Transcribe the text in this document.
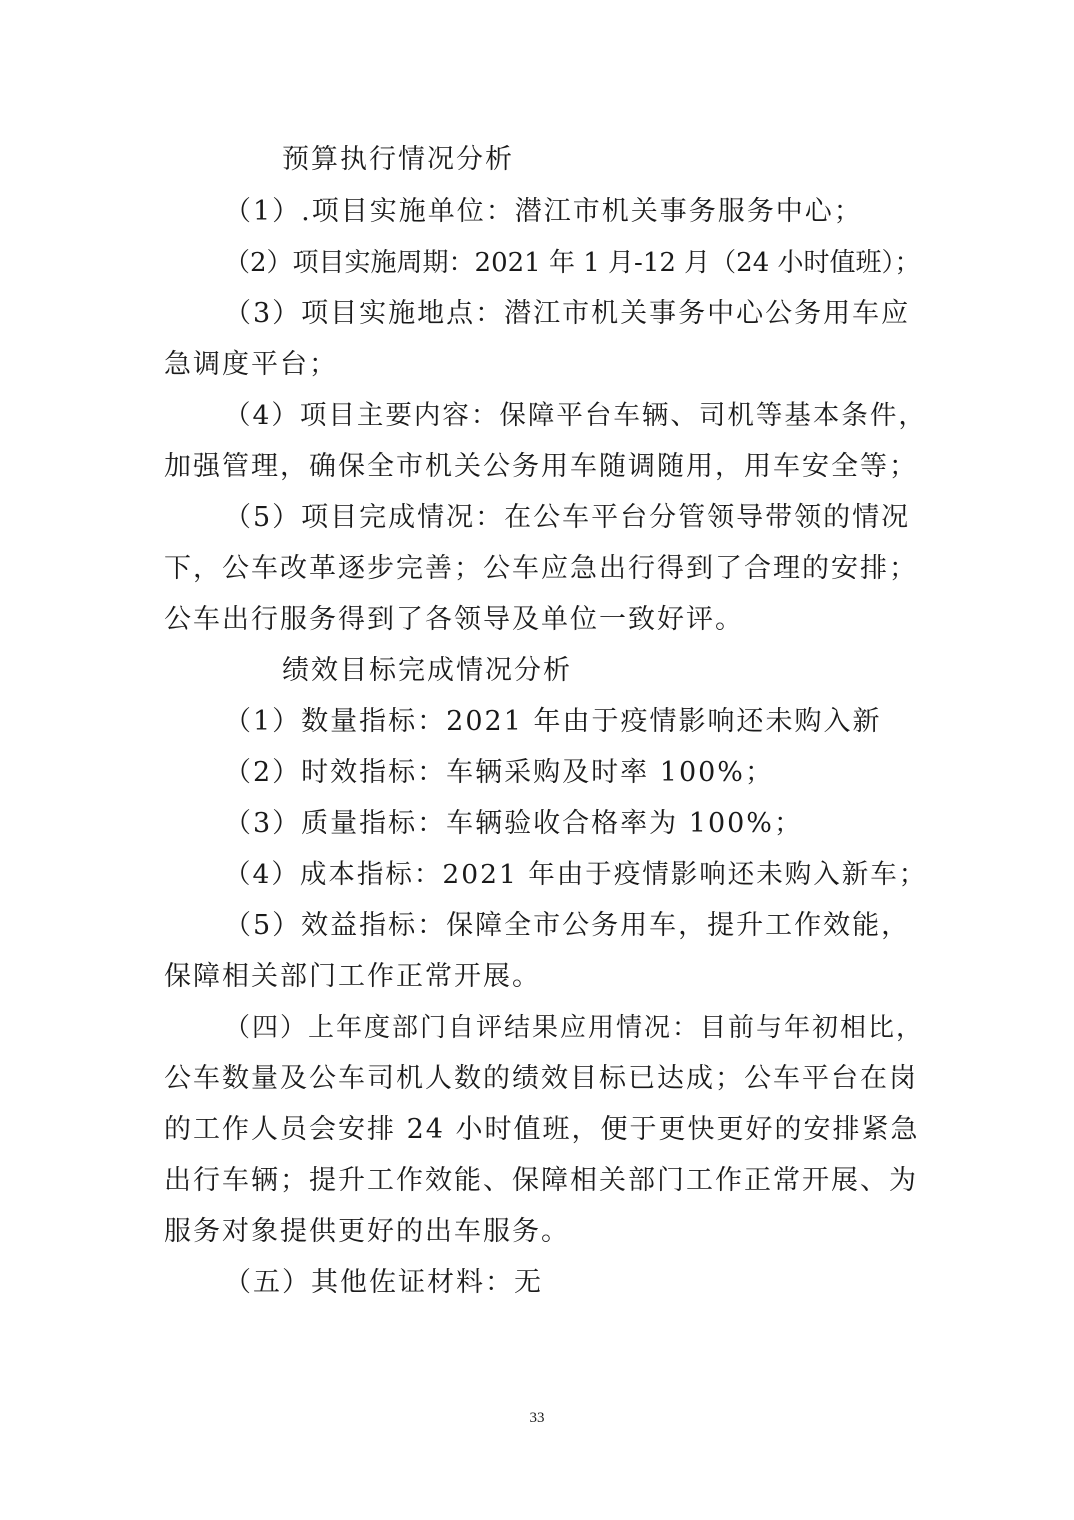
预算执行情况分析
（1）.项目实施单位：潜江市机关事务服务中心；
（2）项目实施周期：2021 年 1 月-12 月（24 小时值班）；
（3）项目实施地点：潜江市机关事务中心公务用车应
急调度平台；
（4）项目主要内容：保障平台车辆、司机等基本条件，
加强管理，确保全市机关公务用车随调随用，用车安全等；
（5）项目完成情况：在公车平台分管领导带领的情况
下，公车改革逐步完善；公车应急出行得到了合理的安排；
公车出行服务得到了各领导及单位一致好评。
绩效目标完成情况分析
（1）数量指标：2021 年由于疫情影响还未购入新
（2）时效指标：车辆采购及时率 100%；
（3）质量指标：车辆验收合格率为 100%；
（4）成本指标：2021 年由于疫情影响还未购入新车；
（5）效益指标：保障全市公务用车，提升工作效能，
保障相关部门工作正常开展。
（四）上年度部门自评结果应用情况：目前与年初相比，
公车数量及公车司机人数的绩效目标已达成；公车平台在岗
的工作人员会安排 24 小时值班，便于更快更好的安排紧急
出行车辆；提升工作效能、保障相关部门工作正常开展、为
服务对象提供更好的出车服务。
（五）其他佐证材料：无
33
